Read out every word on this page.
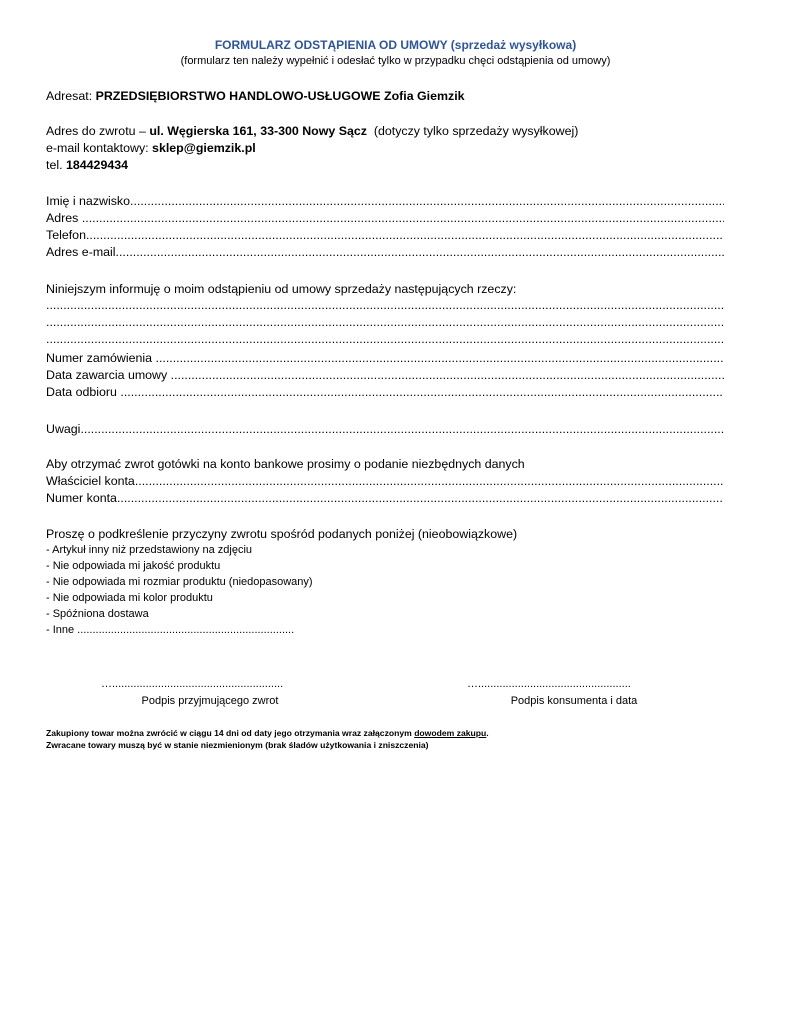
FORMULARZ ODSTĄPIENIA OD UMOWY (sprzedaż wysyłkowa)
(formularz ten należy wypełnić i odesłać tylko w przypadku chęci odstąpienia od umowy)
Adresat: PRZEDSIĘBIORSTWO HANDLOWO-USŁUGOWE Zofia Giemzik
Adres do zwrotu – ul. Węgierska 161, 33-300 Nowy Sącz  (dotyczy tylko sprzedaży wysyłkowej)
e-mail kontaktowy: sklep@giemzik.pl
tel. 184429434
Imię i nazwisko
.....
Adres
.....
Telefon
.....
Adres e-mail
.....
Niniejszym informuję o moim odstąpieniu od umowy sprzedaży następujących rzeczy:
.....
.....
.....
Numer zamówienia
.....
Data zawarcia umowy
.....
Data odbioru
.....
Uwagi
.....
Aby otrzymać zwrot gotówki na konto bankowe prosimy o podanie niezbędnych danych
Właściciel konta
.....
Numer konta
.....
Proszę o podkreślenie przyczyny zwrotu spośród podanych poniżej (nieobowiązkowe)
- Artykuł inny niż przedstawiony na zdjęciu
- Nie odpowiada mi jakość produktu
- Nie odpowiada mi rozmiar produktu (niedopasowany)
- Nie odpowiada mi kolor produktu
- Spóźniona dostawa
- Inne .......................................................................
…........................................................
Podpis przyjmującego zwrot
…..................................................
Podpis konsumenta i data
Zakupiony towar można zwrócić w ciągu 14 dni od daty jego otrzymania wraz załączonym dowodem zakupu.
Zwracane towary muszą być w stanie niezmienionym (brak śladów użytkowania i zniszczenia)
